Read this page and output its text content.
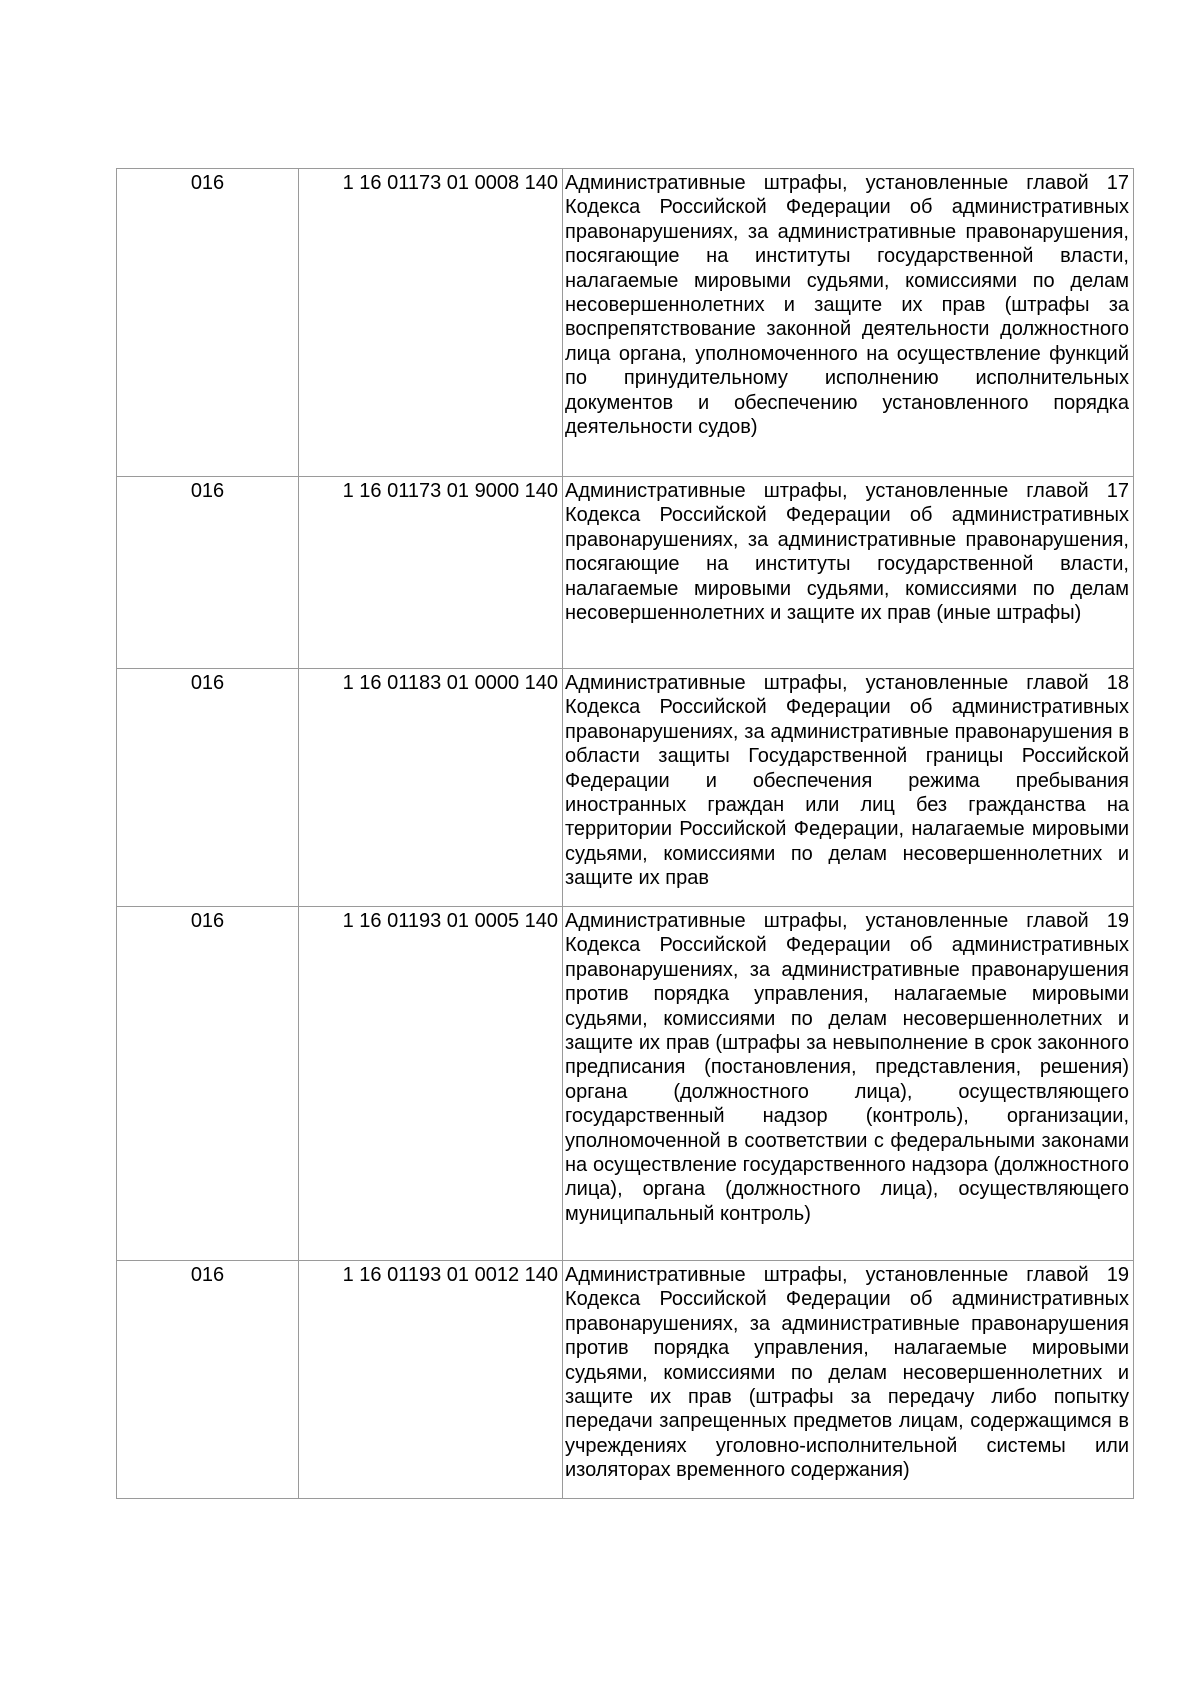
016	1 16 01173 01 0008 140	Административные штрафы, установленные главой 17 Кодекса Российской Федерации об административных правонарушениях, за административные правонарушения, посягающие на институты государственной власти, налагаемые мировыми судьями, комиссиями по делам несовершеннолетних и защите их прав (штрафы за воспрепятствование законной деятельности должностного лица органа, уполномоченного на осуществление функций по принудительному исполнению исполнительных документов и обеспечению установленного порядка деятельности судов)

016	1 16 01173 01 9000 140	Административные штрафы, установленные главой 17 Кодекса Российской Федерации об административных правонарушениях, за административные правонарушения, посягающие на институты государственной власти, налагаемые мировыми судьями, комиссиями по делам несовершеннолетних и защите их прав (иные штрафы)

016	1 16 01183 01 0000 140	Административные штрафы, установленные главой 18 Кодекса Российской Федерации об административных правонарушениях, за административные правонарушения в области защиты Государственной границы Российской Федерации и обеспечения режима пребывания иностранных граждан или лиц без гражданства на территории Российской Федерации, налагаемые мировыми судьями, комиссиями по делам несовершеннолетних и защите их прав

016	1 16 01193 01 0005 140	Административные штрафы, установленные главой 19 Кодекса Российской Федерации об административных правонарушениях, за административные правонарушения против порядка управления, налагаемые мировыми судьями, комиссиями по делам несовершеннолетних и защите их прав (штрафы за невыполнение в срок законного предписания (постановления, представления, решения) органа (должностного лица), осуществляющего государственный надзор (контроль), организации, уполномоченной в соответствии с федеральными законами на осуществление государственного надзора (должностного лица), органа (должностного лица), осуществляющего муниципальный контроль)

016	1 16 01193 01 0012 140	Административные штрафы, установленные главой 19 Кодекса Российской Федерации об административных правонарушениях, за административные правонарушения против порядка управления, налагаемые мировыми судьями, комиссиями по делам несовершеннолетних и защите их прав (штрафы за передачу либо попытку передачи запрещенных предметов лицам, содержащимся в учреждениях уголовно-исполнительной системы или изоляторах временного содержания)
